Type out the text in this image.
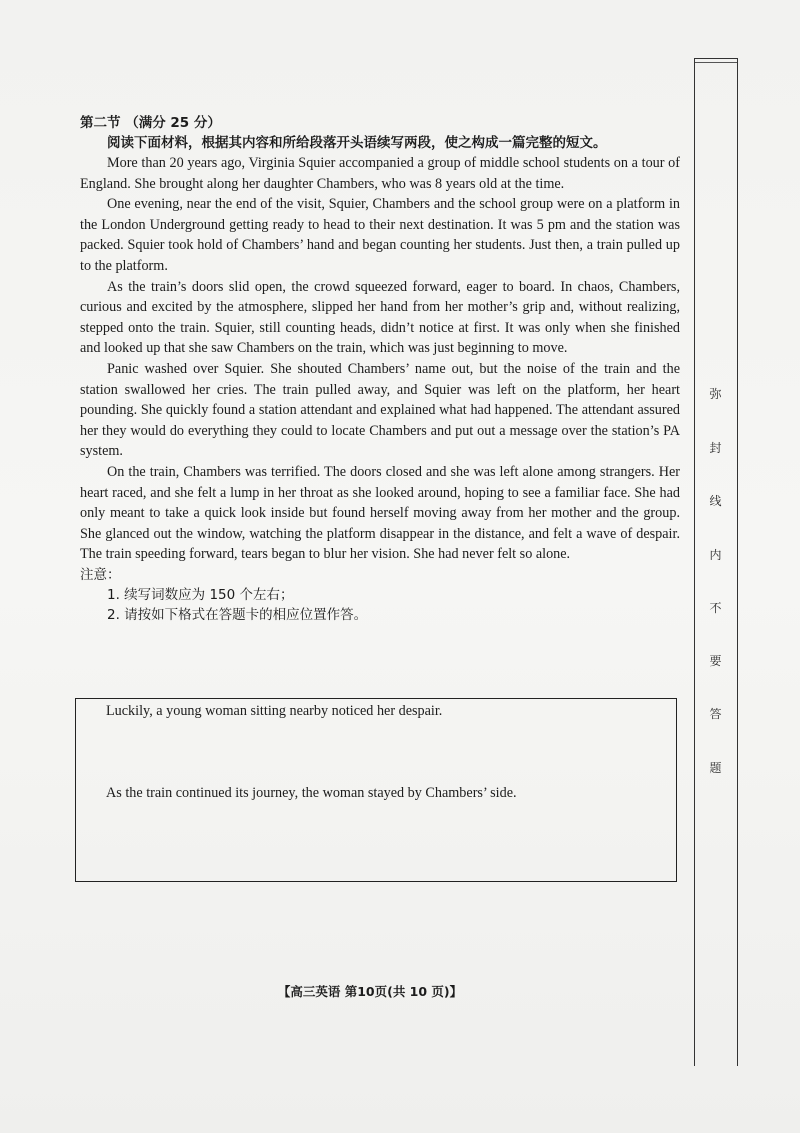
第二节 （满分 25 分）

阅读下面材料，根据其内容和所给段落开头语续写两段，使之构成一篇完整的短文。

More than 20 years ago, Virginia Squier accompanied a group of middle school students on a tour of England. She brought along her daughter Chambers, who was 8 years old at the time.

One evening, near the end of the visit, Squier, Chambers and the school group were on a platform in the London Underground getting ready to head to their next destination. It was 5 pm and the station was packed. Squier took hold of Chambers’ hand and began counting her students. Just then, a train pulled up to the platform.

As the train’s doors slid open, the crowd squeezed forward, eager to board. In chaos, Chambers, curious and excited by the atmosphere, slipped her hand from her mother’s grip and, without realizing, stepped onto the train. Squier, still counting heads, didn’t notice at first. It was only when she finished and looked up that she saw Chambers on the train, which was just beginning to move.

Panic washed over Squier. She shouted Chambers’ name out, but the noise of the train and the station swallowed her cries. The train pulled away, and Squier was left on the platform, her heart pounding. She quickly found a station attendant and explained what had happened. The attendant assured her they would do everything they could to locate Chambers and put out a message over the station’s PA system.

On the train, Chambers was terrified. The doors closed and she was left alone among strangers. Her heart raced, and she felt a lump in her throat as she looked around, hoping to see a familiar face. She had only meant to take a quick look inside but found herself moving away from her mother and the group. She glanced out the window, watching the platform disappear in the distance, and felt a wave of despair. The train speeding forward, tears began to blur her vision. She had never felt so alone.

注意：

1. 续写词数应为 150 个左右；

2. 请按如下格式在答题卡的相应位置作答。

Luckily, a young woman sitting nearby noticed her despair.
As the train continued its journey, the woman stayed by Chambers’ side.
【高三英语 第10页(共 10 页)】
弥
封
线
内
不
要
答
题
